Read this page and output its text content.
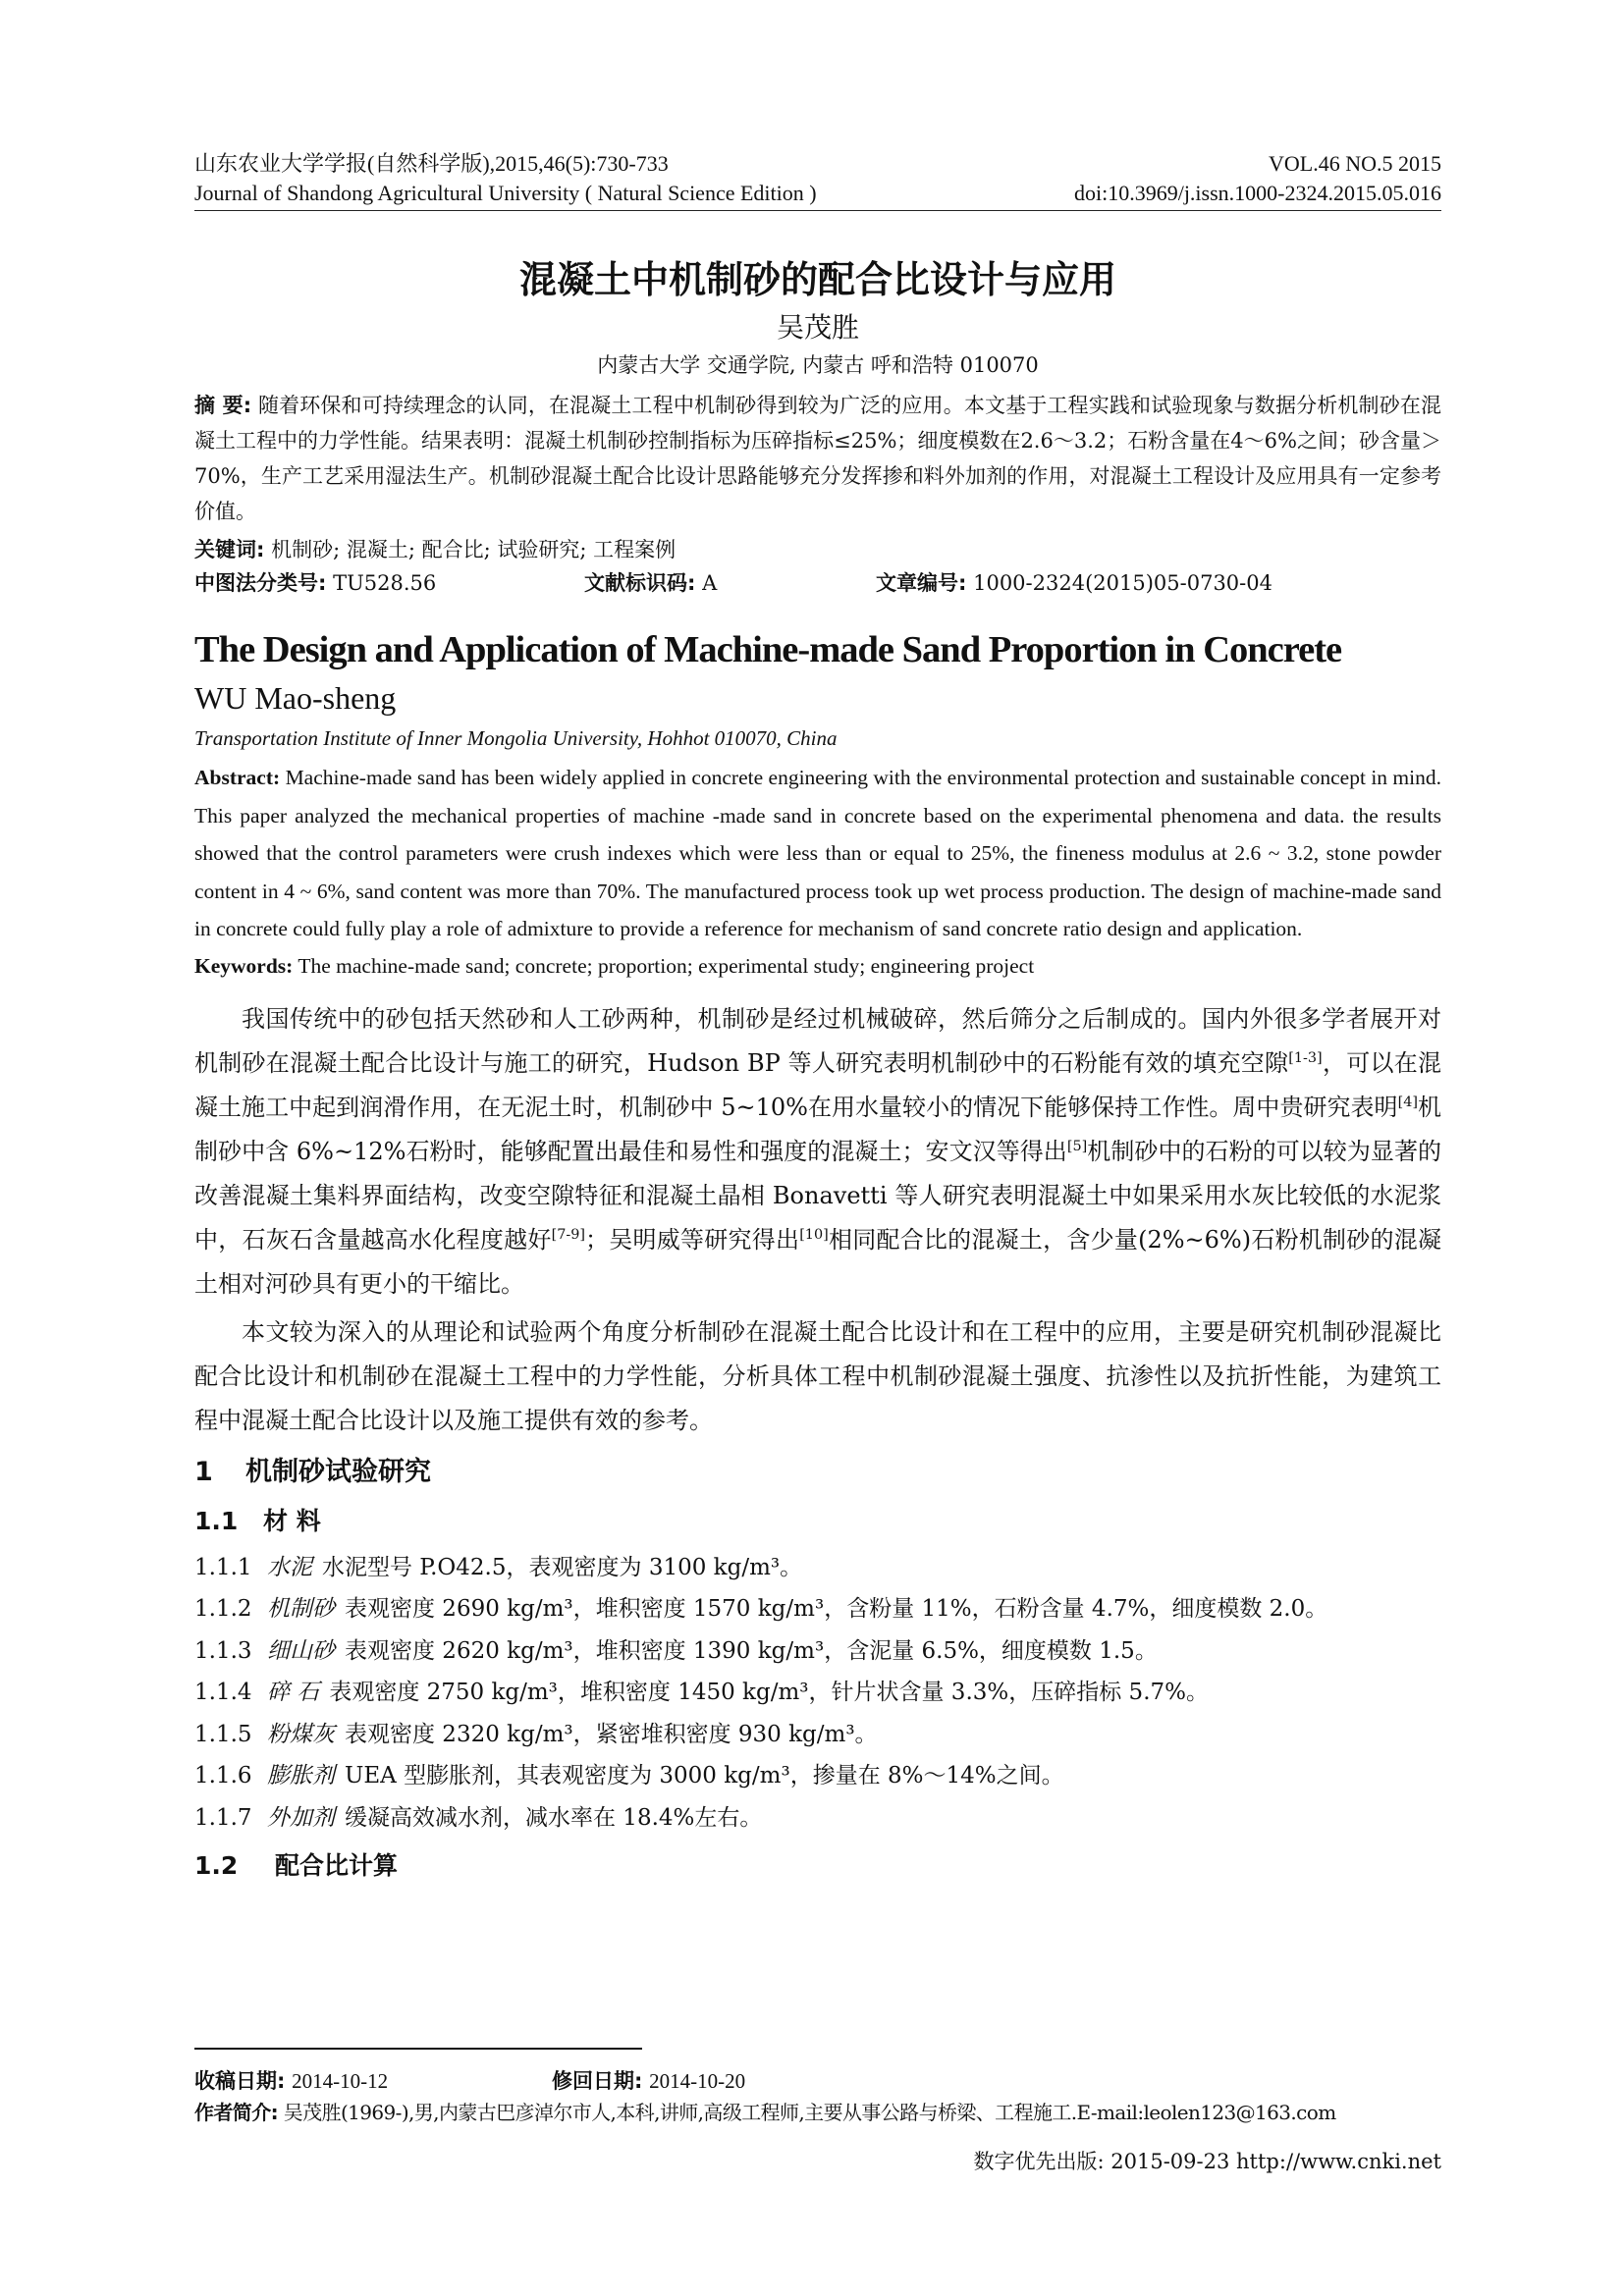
山东农业大学学报(自然科学版),2015,46(5):730-733	VOL.46 NO.5 2015
Journal of Shandong Agricultural University ( Natural Science Edition )	doi:10.3969/j.issn.1000-2324.2015.05.016
混凝土中机制砂的配合比设计与应用
吴茂胜
内蒙古大学 交通学院, 内蒙古 呼和浩特 010070
摘 要: 随着环保和可持续理念的认同，在混凝土工程中机制砂得到较为广泛的应用。本文基于工程实践和试验现象与数据分析机制砂在混凝土工程中的力学性能。结果表明：混凝土机制砂控制指标为压碎指标≤25%；细度模数在2.6～3.2；石粉含量在4～6%之间；砂含量＞70%，生产工艺采用湿法生产。机制砂混凝土配合比设计思路能够充分发挥掺和料外加剂的作用，对混凝土工程设计及应用具有一定参考价值。
关键词: 机制砂; 混凝土; 配合比; 试验研究; 工程案例
中图法分类号: TU528.56	文献标识码: A	文章编号: 1000-2324(2015)05-0730-04
The Design and Application of Machine-made Sand Proportion in Concrete
WU Mao-sheng
Transportation Institute of Inner Mongolia University, Hohhot 010070, China
Abstract: Machine-made sand has been widely applied in concrete engineering with the environmental protection and sustainable concept in mind. This paper analyzed the mechanical properties of machine -made sand in concrete based on the experimental phenomena and data. the results showed that the control parameters were crush indexes which were less than or equal to 25%, the fineness modulus at 2.6 ~ 3.2, stone powder content in 4 ~ 6%, sand content was more than 70%. The manufactured process took up wet process production. The design of machine-made sand in concrete could fully play a role of admixture to provide a reference for mechanism of sand concrete ratio design and application.
Keywords: The machine-made sand; concrete; proportion; experimental study; engineering project
我国传统中的砂包括天然砂和人工砂两种，机制砂是经过机械破碎，然后筛分之后制成的。国内外很多学者展开对机制砂在混凝土配合比设计与施工的研究，Hudson BP 等人研究表明机制砂中的石粉能有效的填充空隙[1-3]，可以在混凝土施工中起到润滑作用，在无泥土时，机制砂中 5~10%在用水量较小的情况下能够保持工作性。周中贵研究表明[4]机制砂中含 6%~12%石粉时，能够配置出最佳和易性和强度的混凝土；安文汉等得出[5]机制砂中的石粉的可以较为显著的改善混凝土集料界面结构，改变空隙特征和混凝土晶相 Bonavetti 等人研究表明混凝土中如果采用水灰比较低的水泥浆中，石灰石含量越高水化程度越好[7-9]；吴明威等研究得出[10]相同配合比的混凝土，含少量(2%~6%)石粉机制砂的混凝土相对河砂具有更小的干缩比。
本文较为深入的从理论和试验两个角度分析制砂在混凝土配合比设计和在工程中的应用，主要是研究机制砂混凝比配合比设计和机制砂在混凝土工程中的力学性能，分析具体工程中机制砂混凝土强度、抗渗性以及抗折性能，为建筑工程中混凝土配合比设计以及施工提供有效的参考。
1 机制砂试验研究
1.1 材 料
1.1.1 水泥 水泥型号 P.O42.5，表观密度为 3100 kg/m³。
1.1.2 机制砂 表观密度 2690 kg/m³，堆积密度 1570 kg/m³，含粉量 11%，石粉含量 4.7%，细度模数 2.0。
1.1.3 细山砂 表观密度 2620 kg/m³，堆积密度 1390 kg/m³，含泥量 6.5%，细度模数 1.5。
1.1.4 碎 石 表观密度 2750 kg/m³，堆积密度 1450 kg/m³，针片状含量 3.3%，压碎指标 5.7%。
1.1.5 粉煤灰 表观密度 2320 kg/m³，紧密堆积密度 930 kg/m³。
1.1.6 膨胀剂 UEA 型膨胀剂，其表观密度为 3000 kg/m³，掺量在 8%～14%之间。
1.1.7 外加剂 缓凝高效减水剂，减水率在 18.4%左右。
1.2 配合比计算
收稿日期: 2014-10-12	修回日期: 2014-10-20
作者简介: 吴茂胜(1969-),男,内蒙古巴彦淖尔市人,本科,讲师,高级工程师,主要从事公路与桥梁、工程施工.E-mail:leolen123@163.com
数字优先出版: 2015-09-23 http://www.cnki.net
